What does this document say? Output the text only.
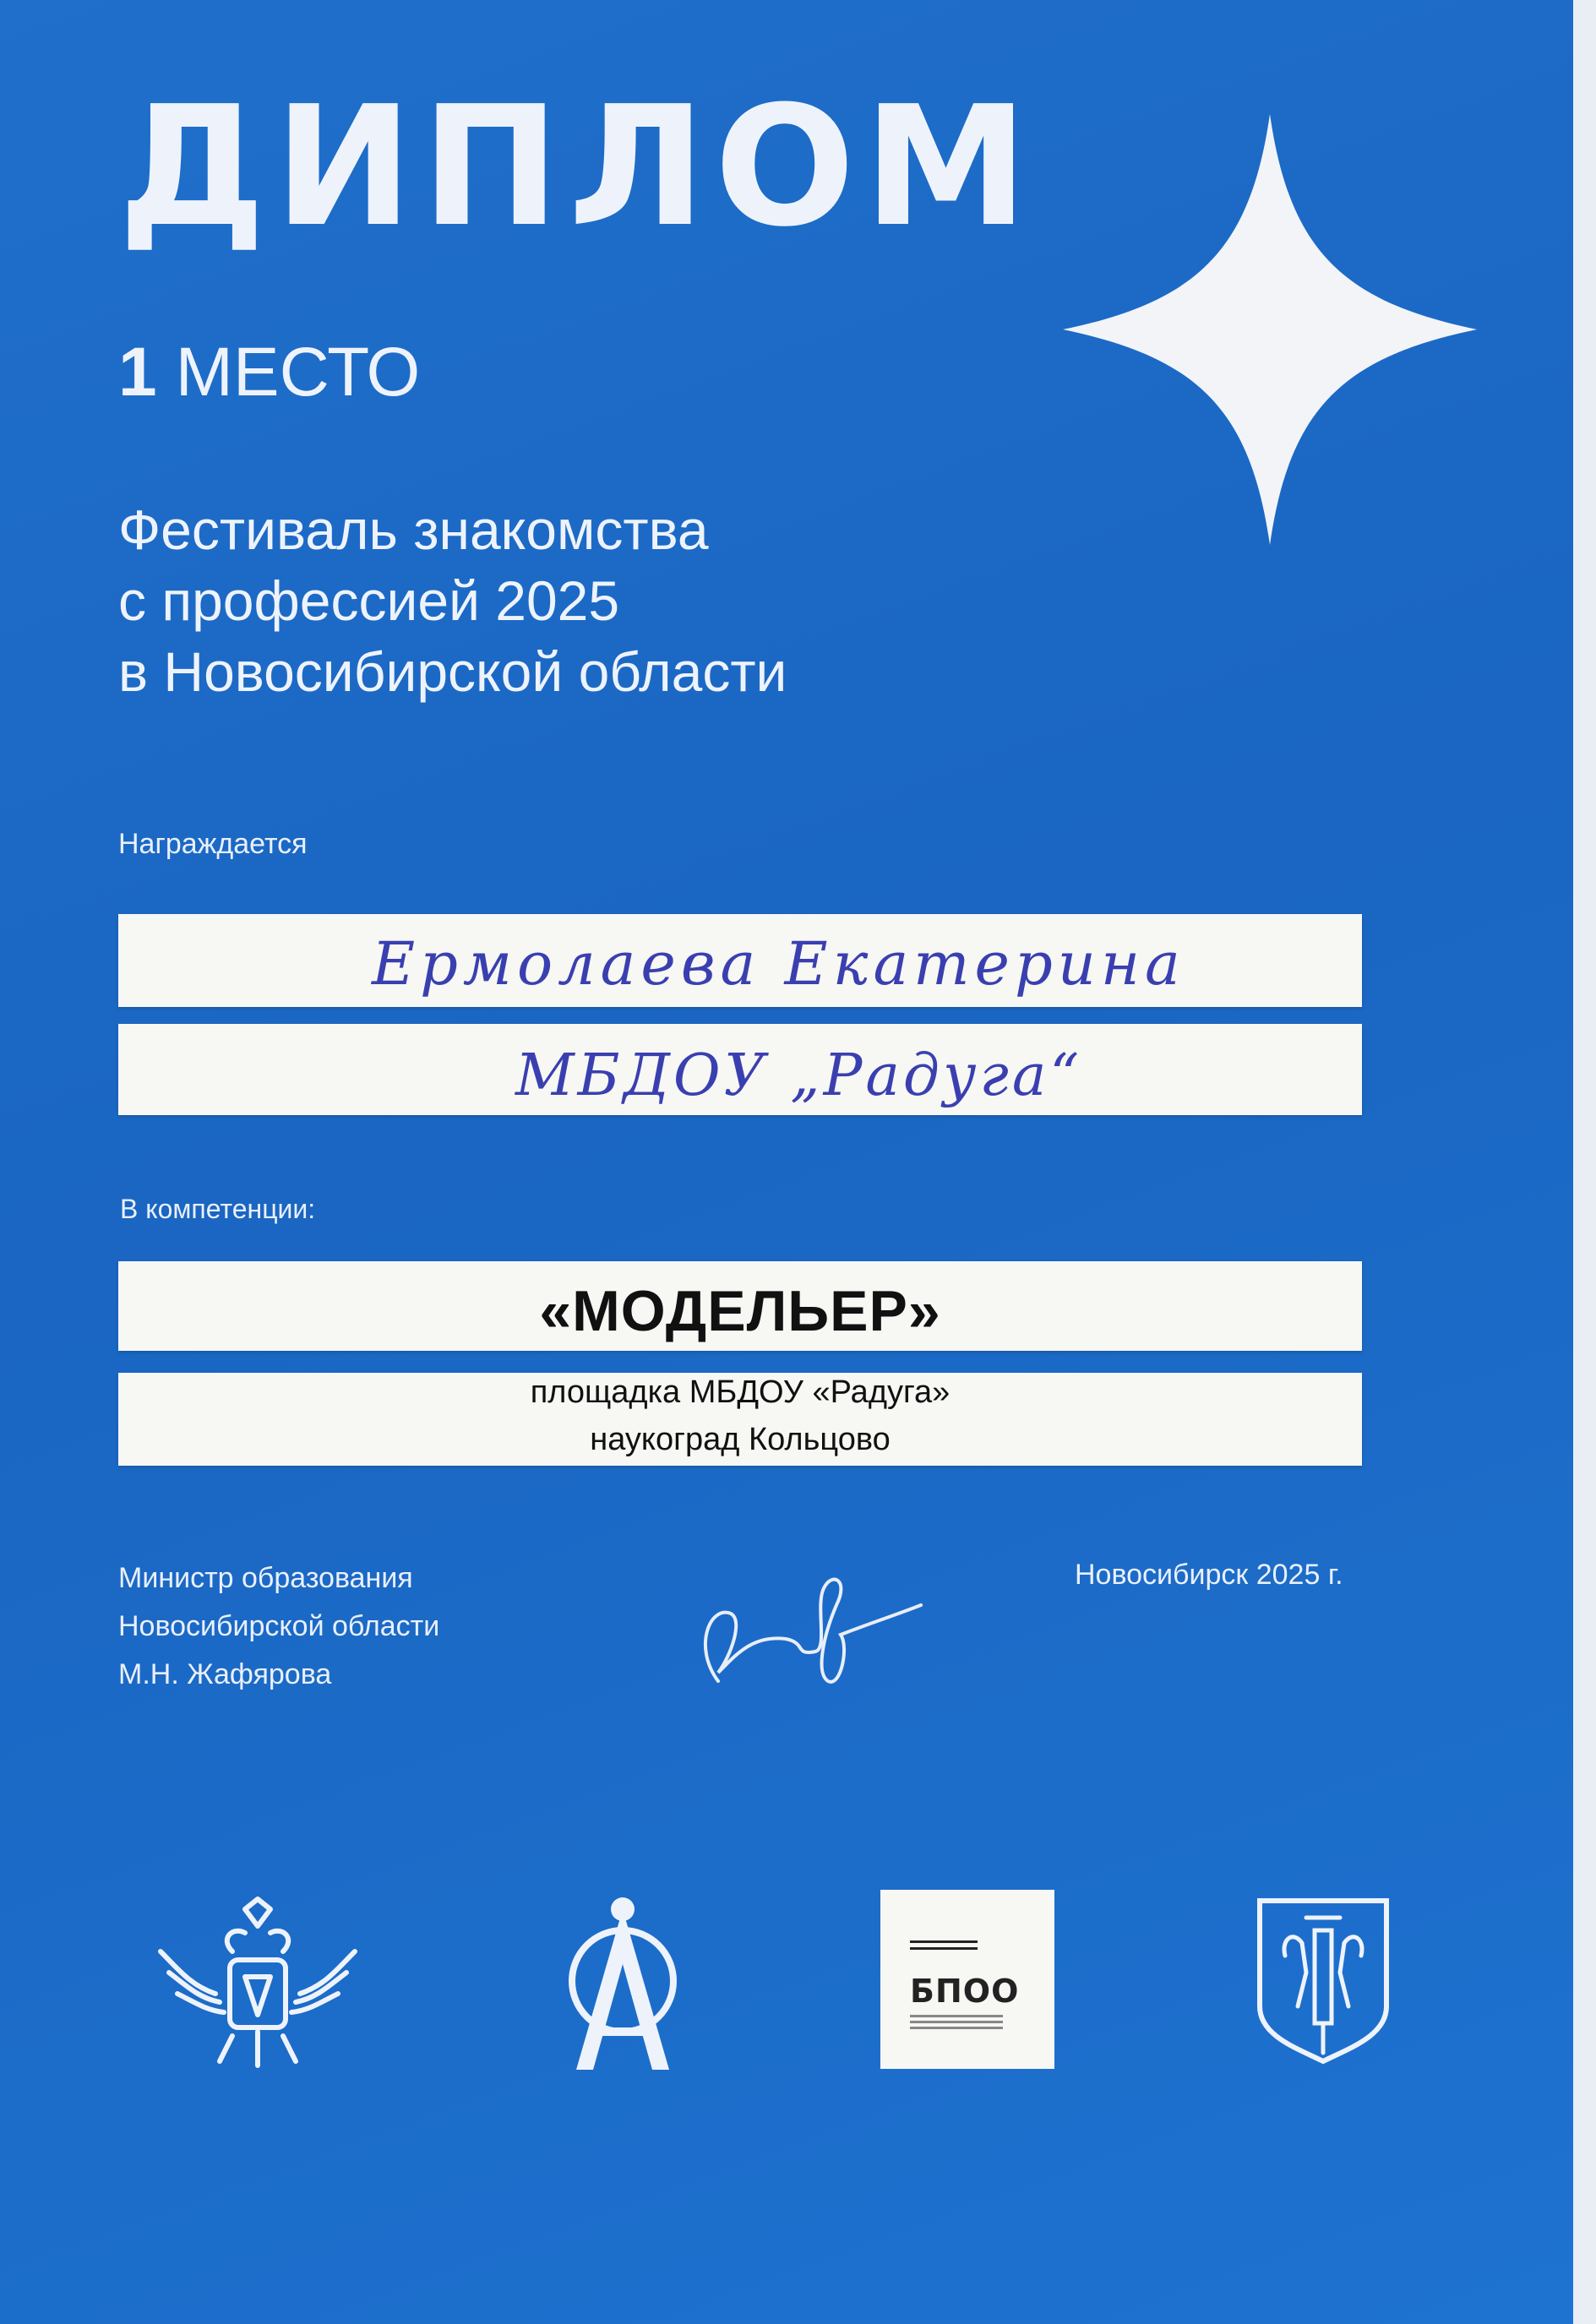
ДИПЛОМ
1 МЕСТО
Фестиваль знакомства
с профессией 2025
в Новосибирской области
Награждается
Ермолаева Екатерина
МБДОУ „Радуга“
В компетенции:
«МОДЕЛЬЕР»
площадка МБДОУ «Радуга»
наукоград Кольцово
Министр образования
Новосибирской области
М.Н. Жафярова
Новосибирск 2025 г.
БПОО
